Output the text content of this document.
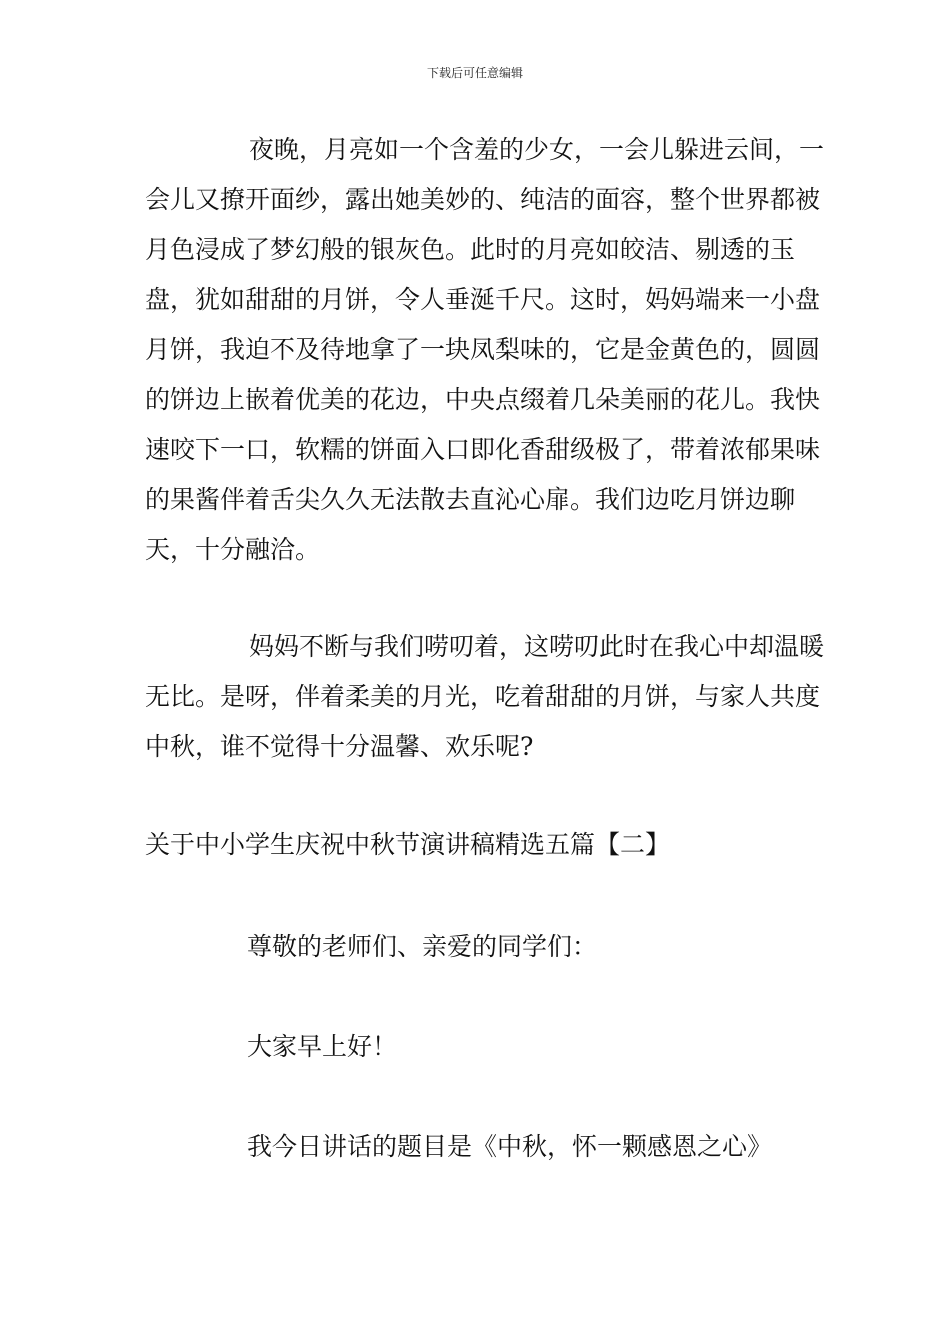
下载后可任意编辑
夜晚，月亮如一个含羞的少女，一会儿躲进云间，一会儿又撩开面纱，露出她美妙的、纯洁的面容，整个世界都被月色浸成了梦幻般的银灰色。此时的月亮如皎洁、剔透的玉盘，犹如甜甜的月饼，令人垂涎千尺。这时，妈妈端来一小盘月饼，我迫不及待地拿了一块凤梨味的，它是金黄色的，圆圆的饼边上嵌着优美的花边，中央点缀着几朵美丽的花儿。我快速咬下一口，软糯的饼面入口即化香甜级极了，带着浓郁果味的果酱伴着舌尖久久无法散去直沁心扉。我们边吃月饼边聊天，十分融洽。
妈妈不断与我们唠叨着，这唠叨此时在我心中却温暖无比。是呀，伴着柔美的月光，吃着甜甜的月饼，与家人共度中秋，谁不觉得十分温馨、欢乐呢?
关于中小学生庆祝中秋节演讲稿精选五篇【二】
尊敬的老师们、亲爱的同学们：
大家早上好！
我今日讲话的题目是《中秋，怀一颗感恩之心》
